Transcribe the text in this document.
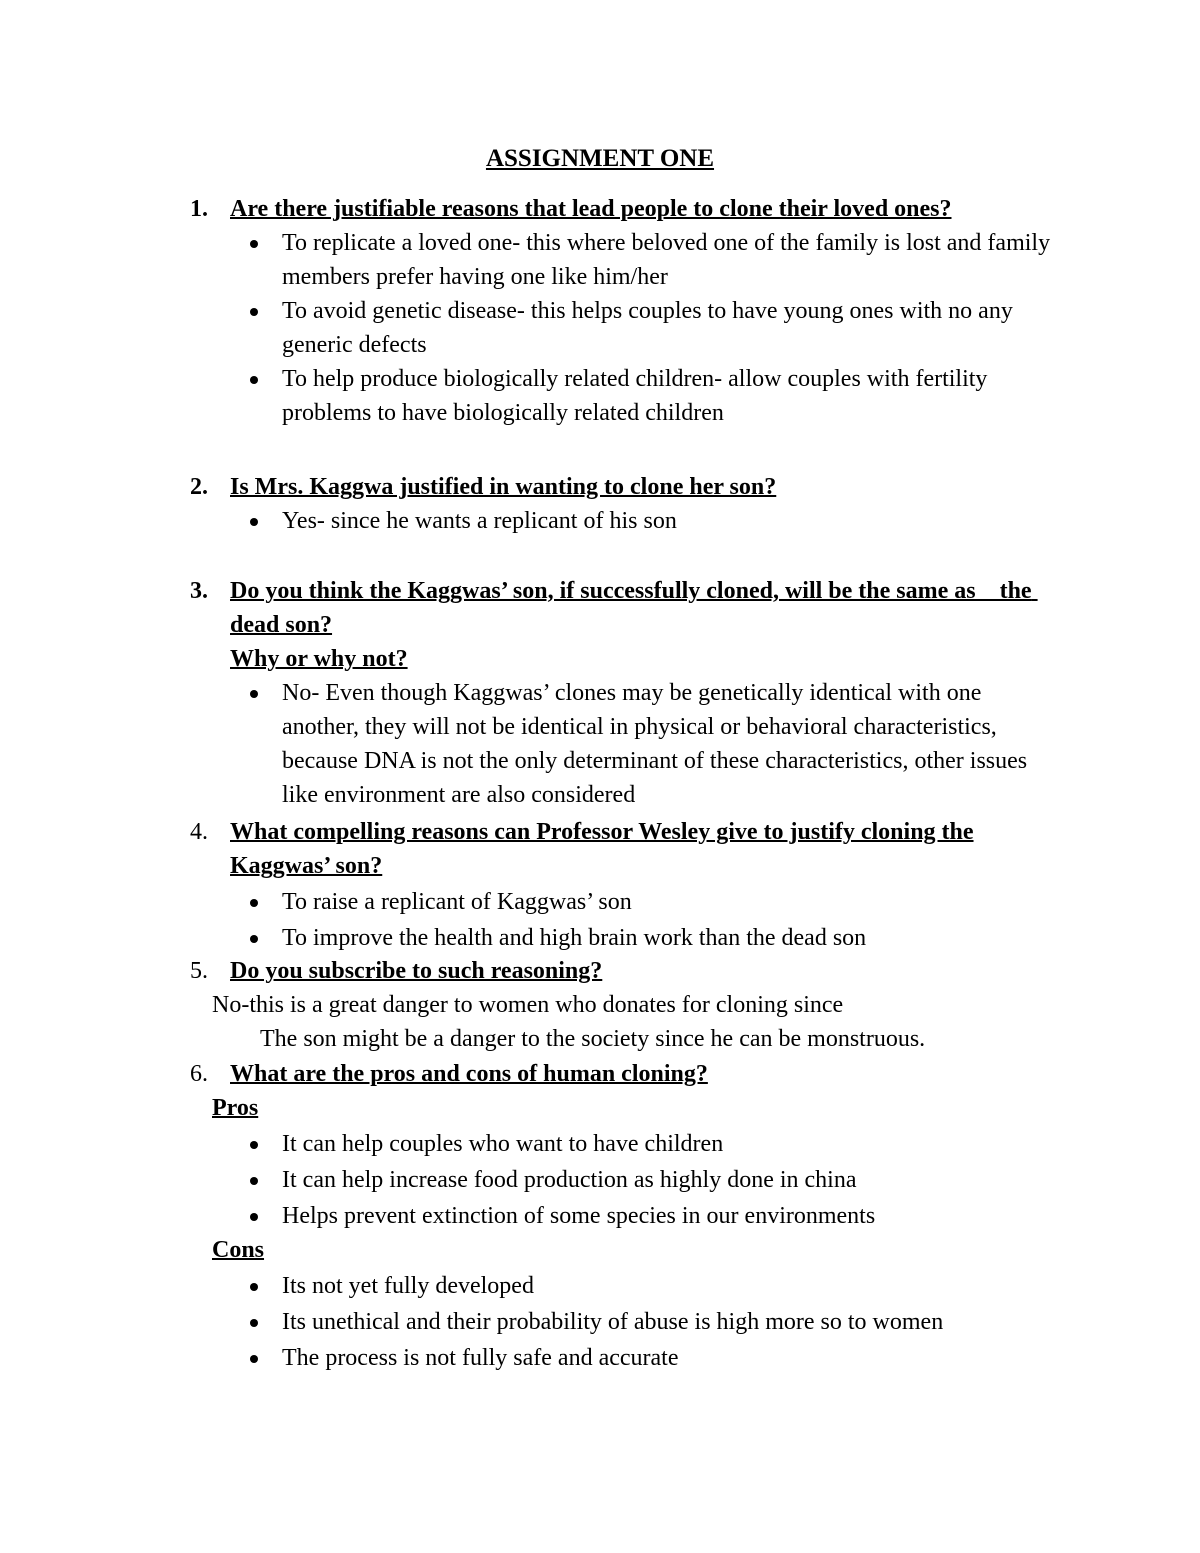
ASSIGNMENT ONE
1. Are there justifiable reasons that lead people to clone their loved ones?
To replicate a loved one- this where beloved one of the family is lost and family members prefer having one like him/her
To avoid genetic disease- this helps couples to have young ones with no any generic defects
To help produce biologically related children- allow couples with fertility problems to have biologically related children
2. Is Mrs. Kaggwa justified in wanting to clone her son?
Yes- since he wants a replicant of his son
3. Do you think the Kaggwas’ son, if successfully cloned, will be the same as    the dead son?
Why or why not?
No- Even though Kaggwas’ clones may be genetically identical with one another, they will not be identical in physical or behavioral characteristics, because DNA is not the only determinant of these characteristics, other issues like environment are also considered
4. What compelling reasons can Professor Wesley give to justify cloning the Kaggwas’ son?
To raise a replicant of Kaggwas’ son
To improve the health and high brain work than the dead son
5. Do you subscribe to such reasoning?
No-this is a great danger to women who donates for cloning since
The son might be a danger to the society since he can be monstruous.
6. What are the pros and cons of human cloning?
Pros
It can help couples who want to have children
It can help increase food production as highly done in china
Helps prevent extinction of some species in our environments
Cons
Its not yet fully developed
Its unethical and their probability of abuse is high more so to women
The process is not fully safe and accurate
